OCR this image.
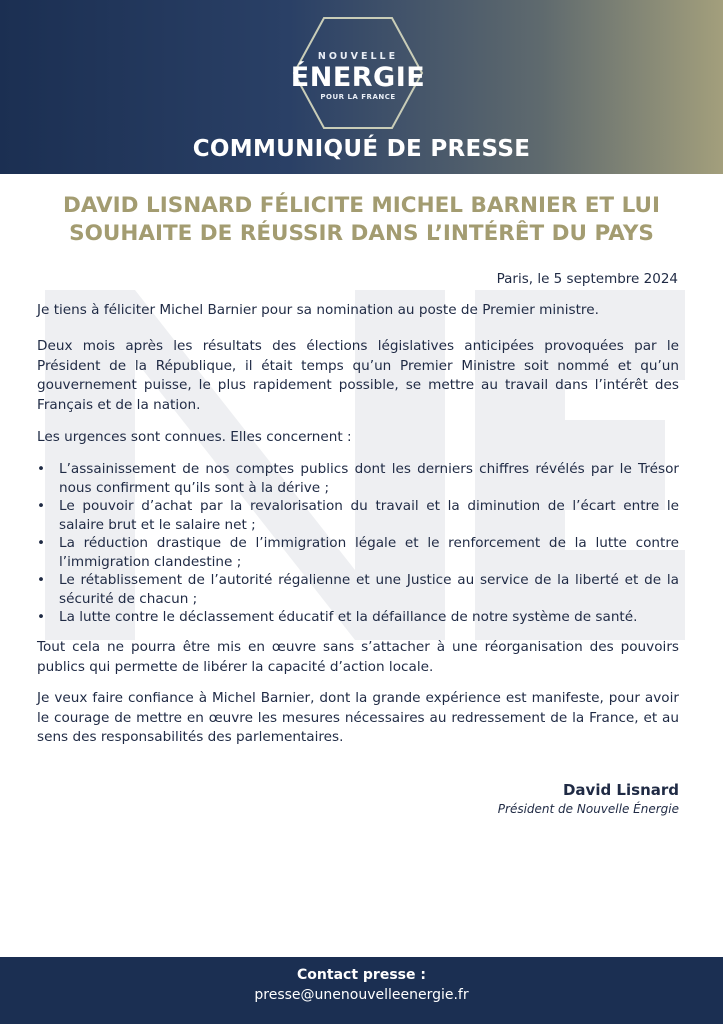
NOUVELLE
ÉNERGIE
POUR LA FRANCE
COMMUNIQUÉ DE PRESSE
DAVID LISNARD FÉLICITE MICHEL BARNIER ET LUI
SOUHAITE DE RÉUSSIR DANS L’INTÉRÊT DU PAYS
Paris, le 5 septembre 2024
Je tiens à féliciter Michel Barnier pour sa nomination au poste de Premier ministre.
Deux mois après les résultats des élections législatives anticipées provoquées par le Président de la République, il était temps qu’un Premier Ministre soit nommé et qu’un gouvernement puisse, le plus rapidement possible, se mettre au travail dans l’intérêt des Français et de la nation.
Les urgences sont connues. Elles concernent :
• L’assainissement de nos comptes publics dont les derniers chiffres révélés par le Trésor nous confirment qu’ils sont à la dérive ;
• Le pouvoir d’achat par la revalorisation du travail et la diminution de l’écart entre le salaire brut et le salaire net ;
• La réduction drastique de l’immigration légale et le renforcement de la lutte contre l’immigration clandestine ;
• Le rétablissement de l’autorité régalienne et une Justice au service de la liberté et de la sécurité de chacun ;
• La lutte contre le déclassement éducatif et la défaillance de notre système de santé.
Tout cela ne pourra être mis en œuvre sans s’attacher à une réorganisation des pouvoirs publics qui permette de libérer la capacité d’action locale.
Je veux faire confiance à Michel Barnier, dont la grande expérience est manifeste, pour avoir le courage de mettre en œuvre les mesures nécessaires au redressement de la France, et au sens des responsabilités des parlementaires.
David Lisnard
Président de Nouvelle Énergie
Contact presse :
presse@unenouvelleenergie.fr
